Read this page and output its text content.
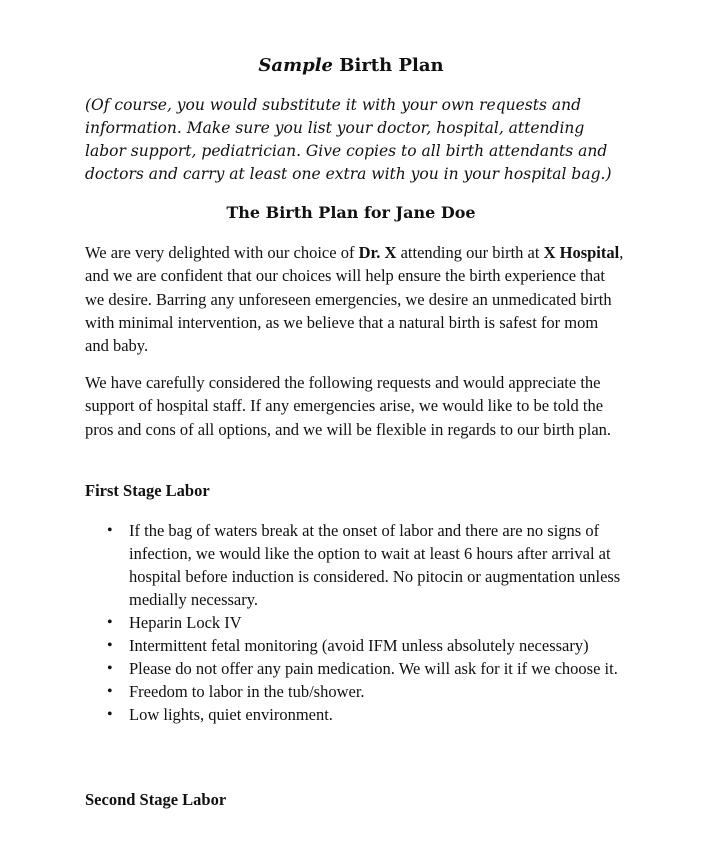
Sample Birth Plan
(Of course, you would substitute it with your own requests and information. Make sure you list your doctor, hospital, attending labor support, pediatrician. Give copies to all birth attendants and doctors and carry at least one extra with you in your hospital bag.)
The Birth Plan for Jane Doe
We are very delighted with our choice of Dr. X attending our birth at X Hospital, and we are confident that our choices will help ensure the birth experience that we desire. Barring any unforeseen emergencies, we desire an unmedicated birth with minimal intervention, as we believe that a natural birth is safest for mom and baby.
We have carefully considered the following requests and would appreciate the support of hospital staff. If any emergencies arise, we would like to be told the pros and cons of all options, and we will be flexible in regards to our birth plan.
First Stage Labor
• If the bag of waters break at the onset of labor and there are no signs of infection, we would like the option to wait at least 6 hours after arrival at hospital before induction is considered. No pitocin or augmentation unless medially necessary.
• Heparin Lock IV
• Intermittent fetal monitoring (avoid IFM unless absolutely necessary)
• Please do not offer any pain medication. We will ask for it if we choose it.
• Freedom to labor in the tub/shower.
• Low lights, quiet environment.
Second Stage Labor
